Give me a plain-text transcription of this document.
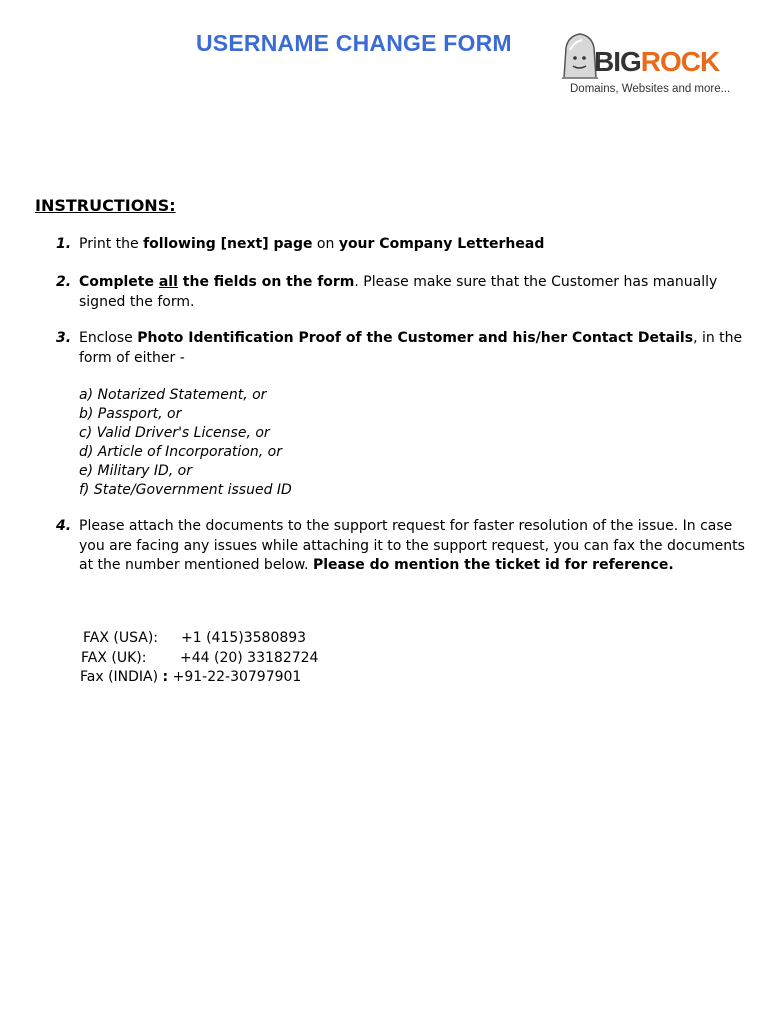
USERNAME CHANGE FORM
BIGROCK
Domains, Websites and more...
INSTRUCTIONS:
1. Print the following [next] page on your Company Letterhead
2. Complete all the fields on the form. Please make sure that the Customer has manually signed the form.
3. Enclose Photo Identification Proof of the Customer and his/her Contact Details, in the form of either -
a) Notarized Statement, or
b) Passport, or
c) Valid Driver's License, or
d) Article of Incorporation, or
e) Military ID, or
f) State/Government issued ID
4. Please attach the documents to the support request for faster resolution of the issue. In case you are facing any issues while attaching it to the support request, you can fax the documents at the number mentioned below. Please do mention the ticket id for reference.
FAX (USA): +1 (415)3580893
FAX (UK): +44 (20) 33182724
Fax (INDIA) : +91-22-30797901
